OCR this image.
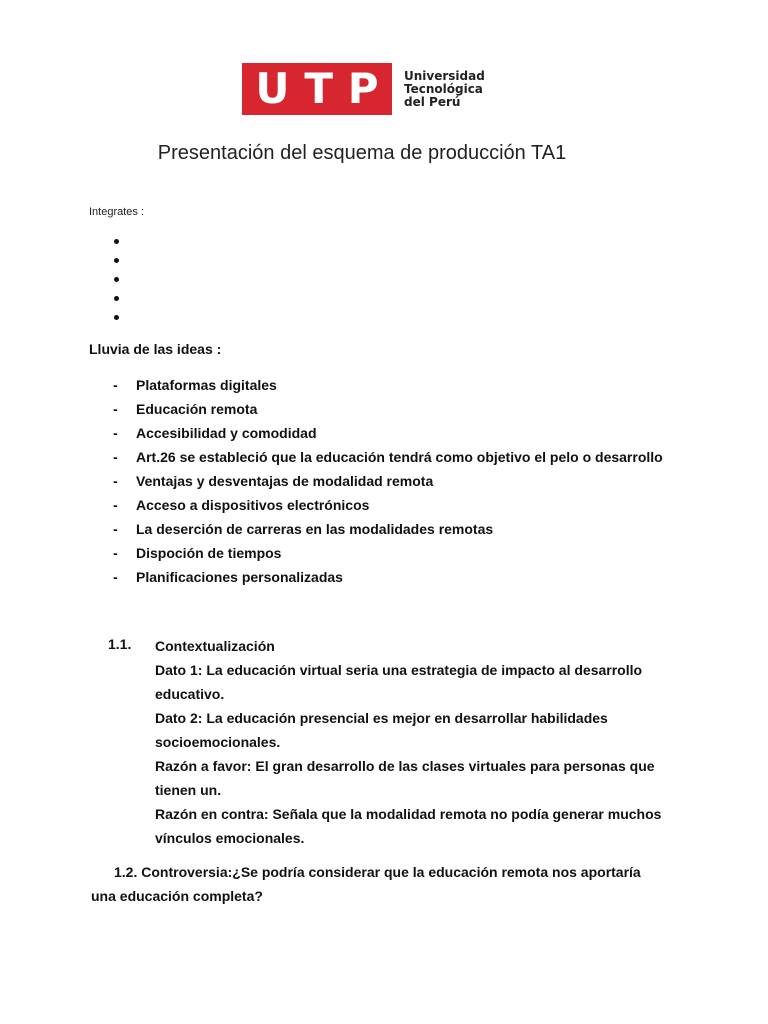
U T P Universidad
Tecnológica
del Perú
Presentación del esquema de producción TA1
Integrates :
Lluvia de las ideas :
- Plataformas digitales
- Educación remota
- Accesibilidad y comodidad
- Art.26 se estableció que la educación tendrá como objetivo el pelo o desarrollo
- Ventajas y desventajas de modalidad remota
- Acceso a dispositivos electrónicos
- La deserción de carreras en las modalidades remotas
- Dispoción de tiempos
- Planificaciones personalizadas
1.1. Contextualización

Dato 1: La educación virtual seria una estrategia de impacto al desarrollo educativo.

Dato 2: La educación presencial es mejor en desarrollar habilidades socioemocionales.

Razón a favor: El gran desarrollo de las clases virtuales para personas que tienen un.

Razón en contra: Señala que la modalidad remota no podía generar muchos vínculos emocionales.

1.2. Controversia:¿Se podría considerar que la educación remota nos aportaría una educación completa?
